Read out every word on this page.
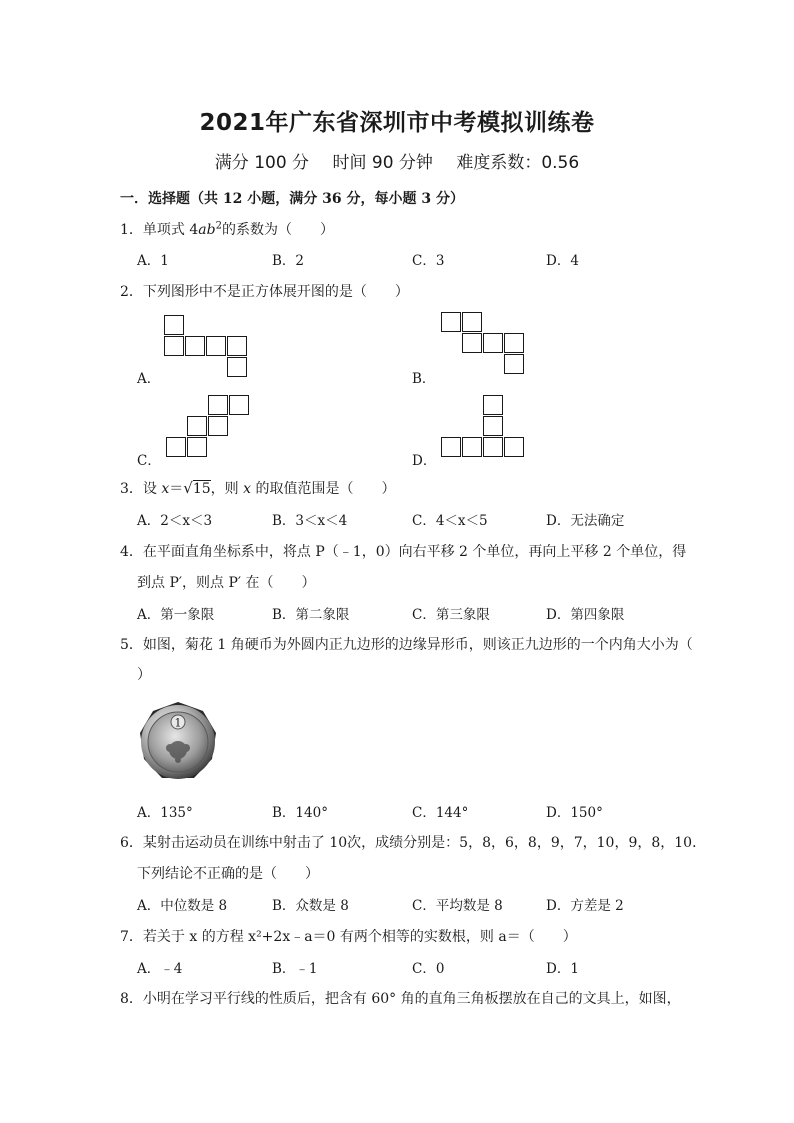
2021年广东省深圳市中考模拟训练卷
满分 100 分 时间 90 分钟 难度系数：0.56
一．选择题（共 12 小题，满分 36 分，每小题 3 分）
1．单项式 $4ab^2$的系数为（　　）
A．1	B．2	C．3	D．4
2．下列图形中不是正方体展开图的是（　　）
A．	B．
C．	D．
3．设 x＝√15，则 x 的取值范围是（　　）
A．2＜x＜3	B．3＜x＜4	C．4＜x＜5	D．无法确定
4．在平面直角坐标系中，将点 P（﹣1，0）向右平移 2 个单位，再向上平移 2 个单位，得
到点 P′，则点 P′ 在（　　）
A．第一象限	B．第二象限	C．第三象限	D．第四象限
5．如图，菊花 1 角硬币为外圆内正九边形的边缘异形币，则该正九边形的一个内角大小为（
）
1
A．135°	B．140°	C．144°	D．150°
6．某射击运动员在训练中射击了 10次，成绩分别是：5，8，6，8，9，7，10，9，8，10．
下列结论不正确的是（　　）
A．中位数是 8	B．众数是 8	C．平均数是 8	D．方差是 2
7．若关于 x 的方程 x²+2x﹣a＝0 有两个相等的实数根，则 a＝（　　）
A．﹣4	B．﹣1	C．0	D．1
8．小明在学习平行线的性质后，把含有 60° 角的直角三角板摆放在自己的文具上，如图，
